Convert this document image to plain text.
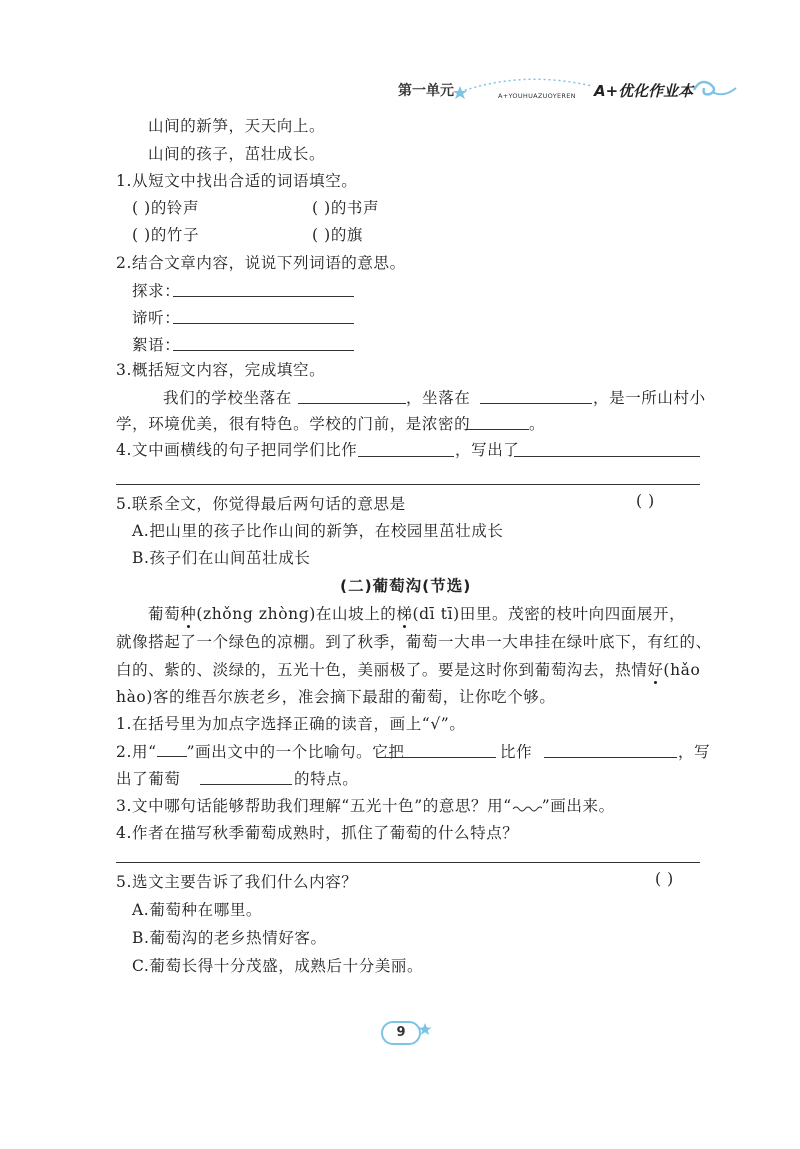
第一单元	A+YOUHUAZUOYEREN A+优化作业本
山间的新笋，天天向上。
山间的孩子，茁壮成长。
1.从短文中找出合适的词语填空。
( )的铃声	( )的书声
( )的竹子	( )的旗
2.结合文章内容，说说下列词语的意思。
探求：
谛听：
絮语：
3.概括短文内容，完成填空。
我们的学校坐落在	，坐落在	，是一所山村小
学，环境优美，很有特色。学校的门前，是浓密的	。
4.文中画横线的句子把同学们比作	，写出了
5.联系全文，你觉得最后两句话的意思是	( )
A.把山里的孩子比作山间的新笋，在校园里茁壮成长
B.孩子们在山间茁壮成长
(二)葡萄沟(节选)
葡萄种(zhǒng zhòng)在山坡上的梯(dī tī)田里。茂密的枝叶向四面展开，
就像搭起了一个绿色的凉棚。到了秋季，葡萄一大串一大串挂在绿叶底下，有红的、
白的、紫的、淡绿的，五光十色，美丽极了。要是这时你到葡萄沟去，热情好(hǎo
hào)客的维吾尔族老乡，准会摘下最甜的葡萄，让你吃个够。
1.在括号里为加点字选择正确的读音，画上“√”。
2.用“ ”画出文中的一个比喻句。它把	比作	，写
出了葡萄	的特点。
3.文中哪句话能够帮助我们理解“五光十色”的意思？用“ ”画出来。
4.作者在描写秋季葡萄成熟时，抓住了葡萄的什么特点？
5.选文主要告诉了我们什么内容？	( )
A.葡萄种在哪里。
B.葡萄沟的老乡热情好客。
C.葡萄长得十分茂盛，成熟后十分美丽。
9
